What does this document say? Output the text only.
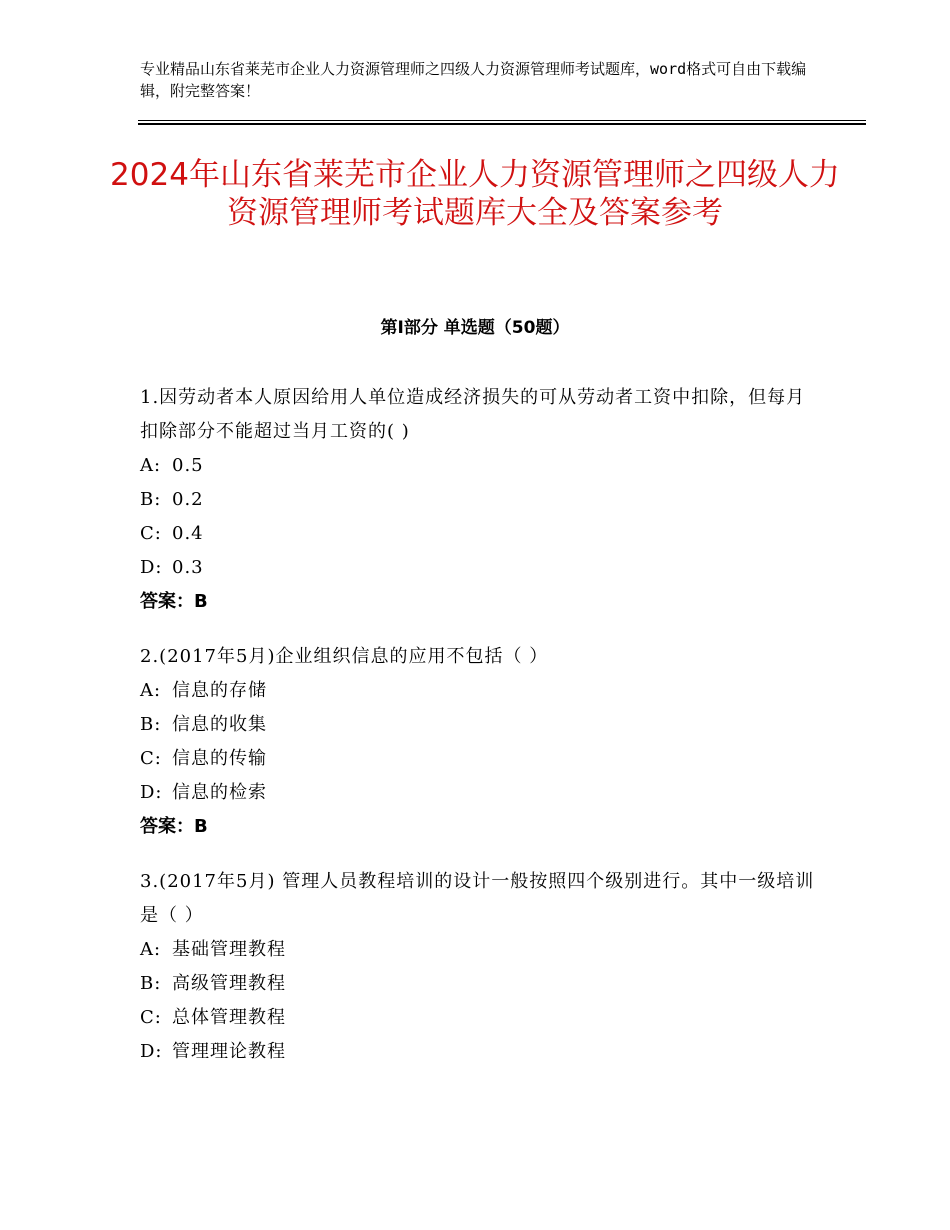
专业精品山东省莱芜市企业人力资源管理师之四级人力资源管理师考试题库，word格式可自由下载编辑，附完整答案！
2024年山东省莱芜市企业人力资源管理师之四级人力资源管理师考试题库大全及答案参考
第Ⅰ部分 单选题（50题）

1.因劳动者本人原因给用人单位造成经济损失的可从劳动者工资中扣除，但每月扣除部分不能超过当月工资的( )

A: 0.5

B: 0.2

C: 0.4

D: 0.3

答案：B

2.(2017年5月)企业组织信息的应用不包括（ ）

A: 信息的存储

B: 信息的收集

C: 信息的传输

D: 信息的检索

答案：B

3.(2017年5月) 管理人员教程培训的设计一般按照四个级别进行。其中一级培训是（ ）

A: 基础管理教程

B: 高级管理教程

C: 总体管理教程

D: 管理理论教程
